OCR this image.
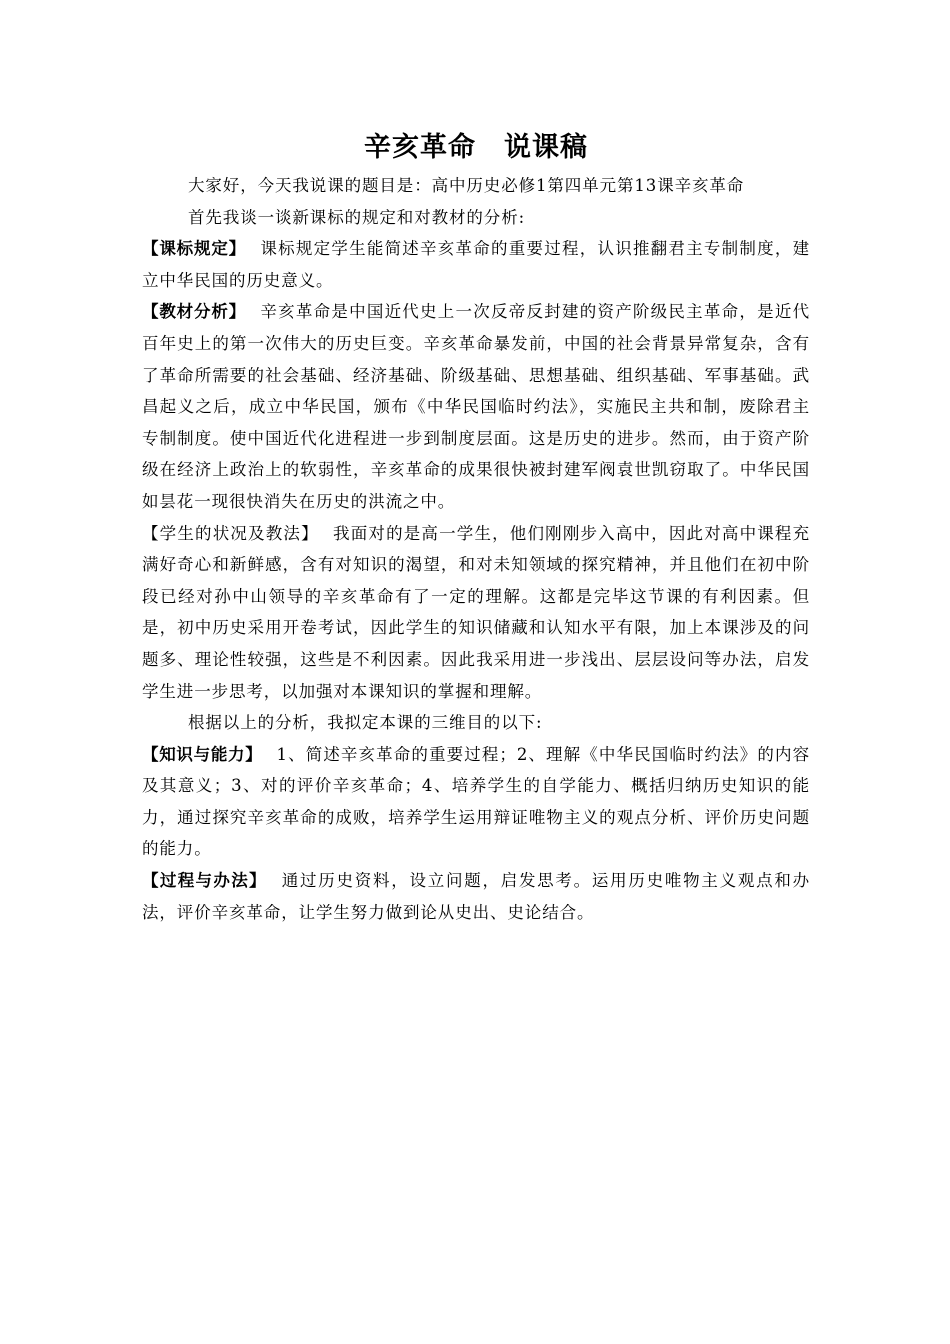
辛亥革命 说课稿

大家好，今天我说课的题目是：高中历史必修1第四单元第13课辛亥革命

首先我谈一谈新课标的规定和对教材的分析:

【课标规定】 课标规定学生能简述辛亥革命的重要过程，认识推翻君主专制制度，建立中华民国的历史意义。

【教材分析】 辛亥革命是中国近代史上一次反帝反封建的资产阶级民主革命，是近代百年史上的第一次伟大的历史巨变。辛亥革命暴发前，中国的社会背景异常复杂，含有了革命所需要的社会基础、经济基础、阶级基础、思想基础、组织基础、军事基础。武昌起义之后，成立中华民国，颁布《中华民国临时约法》，实施民主共和制，废除君主专制制度。使中国近代化进程进一步到制度层面。这是历史的进步。然而，由于资产阶级在经济上政治上的软弱性，辛亥革命的成果很快被封建军阀袁世凯窃取了。中华民国如昙花一现很快消失在历史的洪流之中。

【学生的状况及教法】 我面对的是高一学生，他们刚刚步入高中，因此对高中课程充满好奇心和新鲜感，含有对知识的渴望，和对未知领域的探究精神，并且他们在初中阶段已经对孙中山领导的辛亥革命有了一定的理解。这都是完毕这节课的有利因素。但是，初中历史采用开卷考试，因此学生的知识储藏和认知水平有限，加上本课涉及的问题多、理论性较强，这些是不利因素。因此我采用进一步浅出、层层设问等办法，启发学生进一步思考，以加强对本课知识的掌握和理解。

根据以上的分析，我拟定本课的三维目的以下:

【知识与能力】 1、简述辛亥革命的重要过程；2、理解《中华民国临时约法》的内容及其意义；3、对的评价辛亥革命；4、培养学生的自学能力、概括归纳历史知识的能力，通过探究辛亥革命的成败，培养学生运用辩证唯物主义的观点分析、评价历史问题的能力。

【过程与办法】 通过历史资料，设立问题，启发思考。运用历史唯物主义观点和办法，评价辛亥革命，让学生努力做到论从史出、史论结合。
